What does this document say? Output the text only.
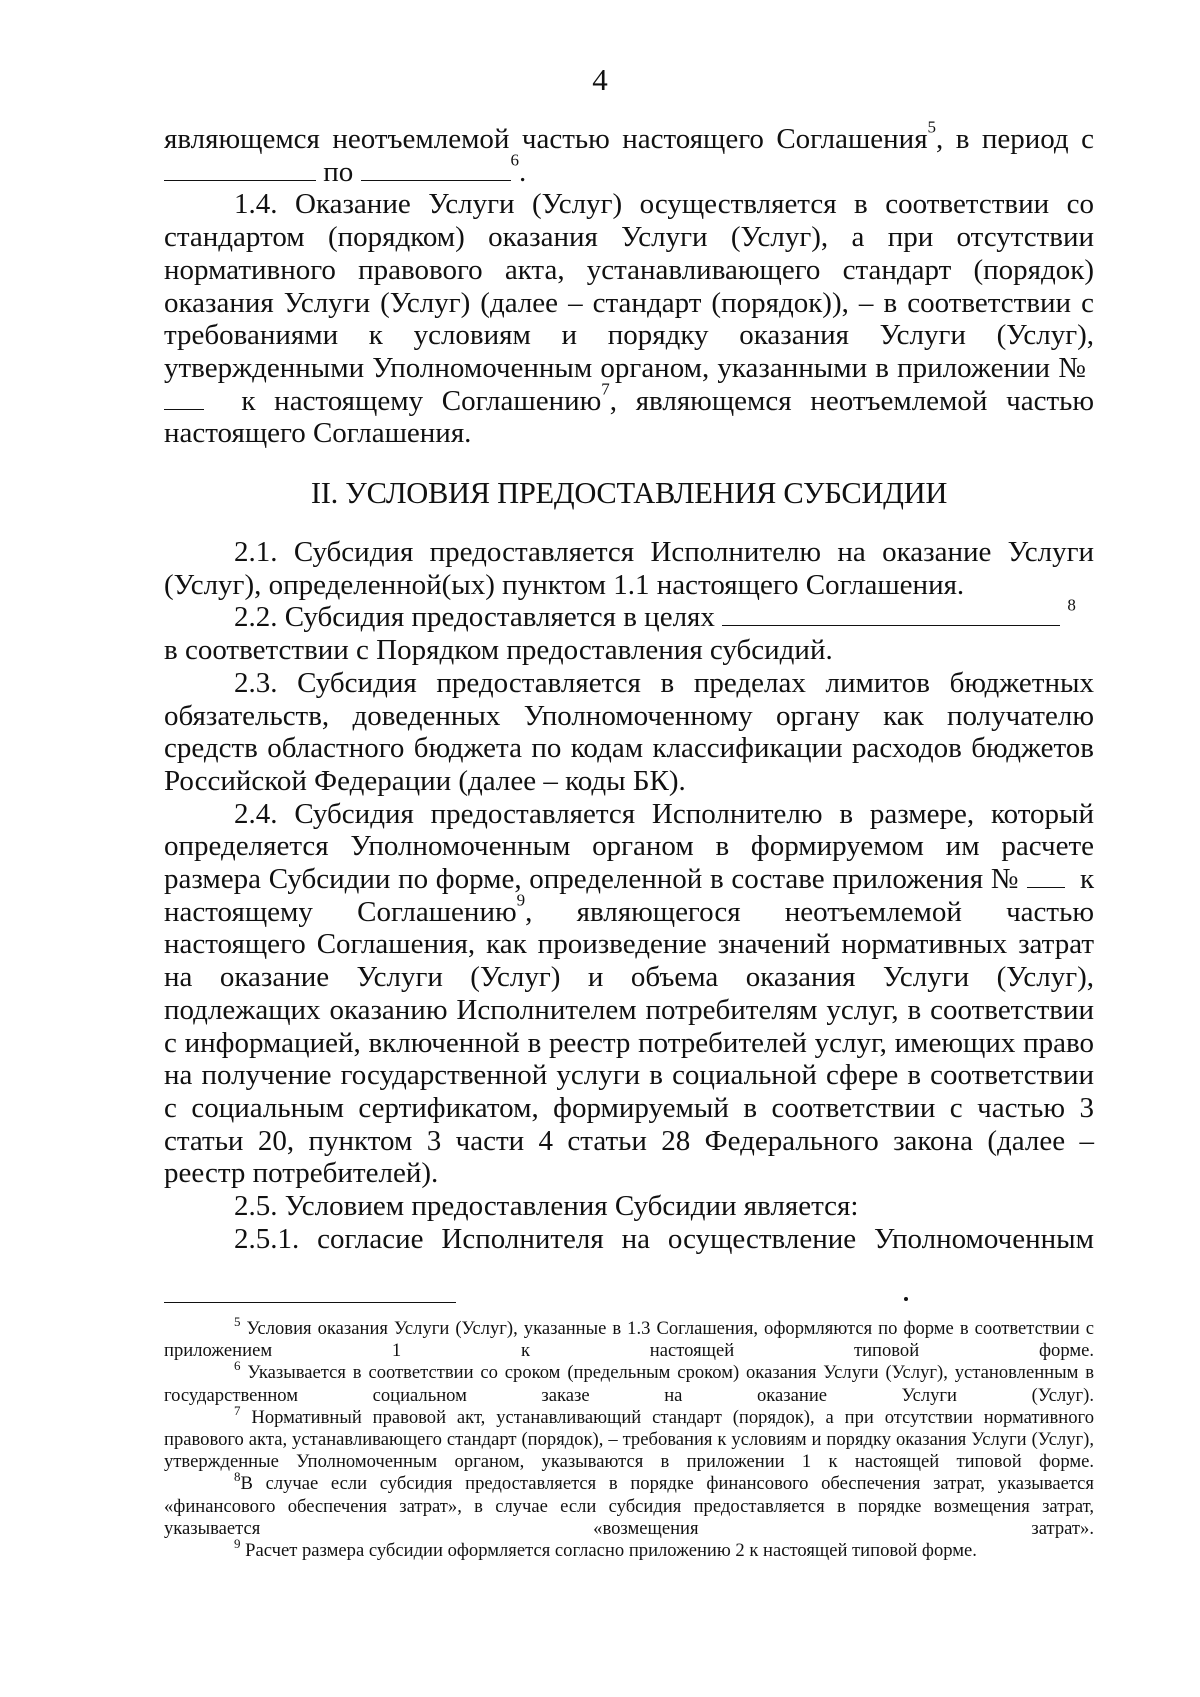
4

являющемся неотъемлемой частью настоящего Соглашения$^5$, в период с

по	$^6$.

1.4. Оказание Услуги (Услуг) осуществляется в соответствии со стандартом (порядком) оказания Услуги (Услуг), а при отсутствии нормативного правового акта, устанавливающего стандарт (порядок) оказания Услуги (Услуг) (далее – стандарт (порядок)), – в соответствии с требованиями к условиям и порядку оказания Услуги (Услуг), утвержденными Уполномоченным органом, указанными в приложении №   к настоящему Соглашению$^7$, являющемся неотъемлемой частью настоящего Соглашения.

II. УСЛОВИЯ ПРЕДОСТАВЛЕНИЯ СУБСИДИИ

2.1. Субсидия предоставляется Исполнителю на оказание Услуги (Услуг), определенной(ых) пунктом 1.1 настоящего Соглашения.

2.2. Субсидия предоставляется в целях	$^8$
в соответствии с Порядком предоставления субсидий.

2.3. Субсидия предоставляется в пределах лимитов бюджетных обязательств, доведенных Уполномоченному органу как получателю средств областного бюджета по кодам классификации расходов бюджетов Российской Федерации (далее – коды БК).

2.4. Субсидия предоставляется Исполнителю в размере, который определяется Уполномоченным органом в формируемом им расчете размера Субсидии по форме, определенной в составе приложения № к настоящему Соглашению$^9$, являющегося неотъемлемой частью настоящего Соглашения, как произведение значений нормативных затрат на оказание Услуги (Услуг) и объема оказания Услуги (Услуг), подлежащих оказанию Исполнителем потребителям услуг, в соответствии с информацией, включенной в реестр потребителей услуг, имеющих право на получение государственной услуги в социальной сфере в соответствии с социальным сертификатом, формируемый в соответствии с частью 3 статьи 20, пунктом 3 части 4 статьи 28 Федерального закона (далее – реестр потребителей).

2.5. Условием предоставления Субсидии является:

2.5.1. согласие Исполнителя на осуществление Уполномоченным

$^5$ Условия оказания Услуги (Услуг), указанные в 1.3 Соглашения, оформляются по форме в соответствии с приложением 1 к настоящей типовой форме.

$^6$ Указывается в соответствии со сроком (предельным сроком) оказания Услуги (Услуг), установленным в государственном социальном заказе на оказание Услуги (Услуг).

$^7$ Нормативный правовой акт, устанавливающий стандарт (порядок), а при отсутствии нормативного правового акта, устанавливающего стандарт (порядок), – требования к условиям и порядку оказания Услуги (Услуг), утвержденные Уполномоченным органом, указываются в приложении 1 к настоящей типовой форме.

$^8$В случае если субсидия предоставляется в порядке финансового обеспечения затрат, указывается «финансового обеспечения затрат», в случае если субсидия предоставляется в порядке возмещения затрат, указывается «возмещения затрат».

$^9$ Расчет размера субсидии оформляется согласно приложению 2 к настоящей типовой форме.
